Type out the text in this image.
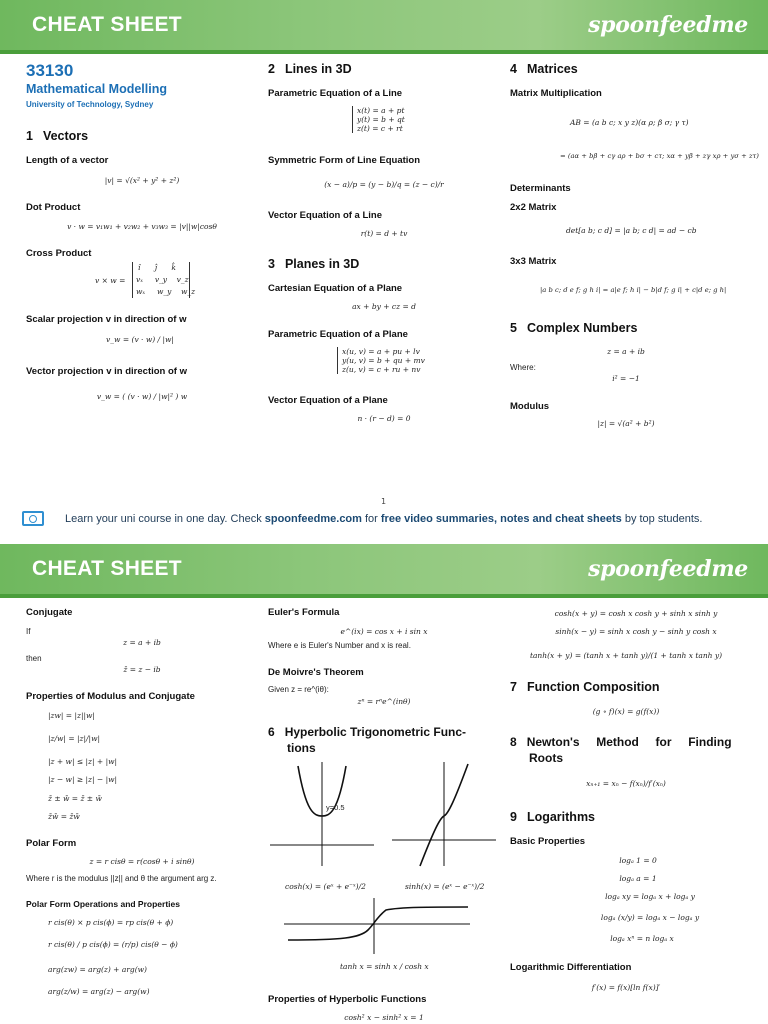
CHEAT SHEET	spoonfeedme
33130
Mathematical Modelling
University of Technology, Sydney
1 Vectors
Length of a vector
|v| = √(x² + y² + z²)
Dot Product
v · w = v₁w₁ + v₂w₂ + v₃w₃ = |v||w|cosθ
Cross Product
v × w =
î      ĵ      k̂
vₓ     v_y    v_z
wₓ     w_y    w_z
Scalar projection v in direction of w
v_w = (v · w) / |w|
Vector projection v in direction of w
v_w = ( (v · w) / |w|² ) w
2 Lines in 3D
Parametric Equation of a Line
x(t) = a + pt
y(t) = b + qt
z(t) = c + rt
Symmetric Form of Line Equation
(x − a)/p = (y − b)/q = (z − c)/r
Vector Equation of a Line
r(t) = d + tv
3 Planes in 3D
Cartesian Equation of a Plane
ax + by + cz = d
Parametric Equation of a Plane
x(u, v) = a + pu + lv
y(u, v) = b + qu + mv
z(u, v) = c + ru + nv
Vector Equation of a Plane
n · (r − d) = 0
4 Matrices
Matrix Multiplication
AB = (a b c; x y z)(α ρ; β σ; γ τ)
= (aα + bβ + cγ aρ + bσ + cτ; xα + yβ + zγ xρ + yσ + zτ)
Determinants
2x2 Matrix
det[a b; c d] = |a b; c d| = ad − cb
3x3 Matrix
|a b c; d e f; g h i| = a|e f; h i| − b|d f; g i| + c|d e; g h|
5 Complex Numbers
z = a + ib
Where:
i² = −1
Modulus
|z| = √(a² + b²)
1
Learn your uni course in one day. Check spoonfeedme.com for free video summaries, notes and cheat sheets by top students.
CHEAT SHEET	spoonfeedme
Conjugate
If
z = a + ib
then
z̄ = z − ib
Properties of Modulus and Conjugate
|zw| = |z||w|
|z/w| = |z|/|w|
|z + w| ≤ |z| + |w|
|z − w| ≥ |z| − |w|
z̄ ± w̄ = z̄ ± w̄
z̄w̄ = z̄w̄
Polar Form
z = r cisθ = r(cosθ + i sinθ)
Where r is the modulus ||z|| and θ the argument arg z.
Polar Form Operations and Properties
r cis(θ) × p cis(ϕ) = rp cis(θ + ϕ)
r cis(θ) / p cis(ϕ) = (r/p) cis(θ − ϕ)
arg(zw) = arg(z) + arg(w)
arg(z/w) = arg(z) − arg(w)
Euler's Formula
e^(ix) = cos x + i sin x
Where e is Euler's Number and x is real.
De Moivre's Theorem
Given z = re^(iθ):
zⁿ = rⁿe^(inθ)
6 Hyperbolic Trigonometric Func-
tions
y=0.5
cosh(x) = (eˣ + e⁻ˣ)/2	sinh(x) = (eˣ − e⁻ˣ)/2
tanh x = sinh x / cosh x
Properties of Hyperbolic Functions
cosh² x − sinh² x = 1
cosh(x + y) = cosh x cosh y + sinh x sinh y
sinh(x − y) = sinh x cosh y − sinh y cosh x
tanh(x + y) = (tanh x + tanh y)/(1 + tanh x tanh y)
7 Function Composition
(g ∘ f)(x) = g(f(x))
8 Newton's     Method     for     Finding
Roots
xₙ₊₁ = xₙ − f(xₙ)/f′(xₙ)
9 Logarithms
Basic Properties
logₐ 1 = 0
logₐ a = 1
logₐ xy = logₐ x + logₐ y
logₐ (x/y) = logₐ x − logₐ y
logₐ xⁿ = n logₐ x
Logarithmic Differentiation
f′(x) = f(x)[ln f(x)]′
